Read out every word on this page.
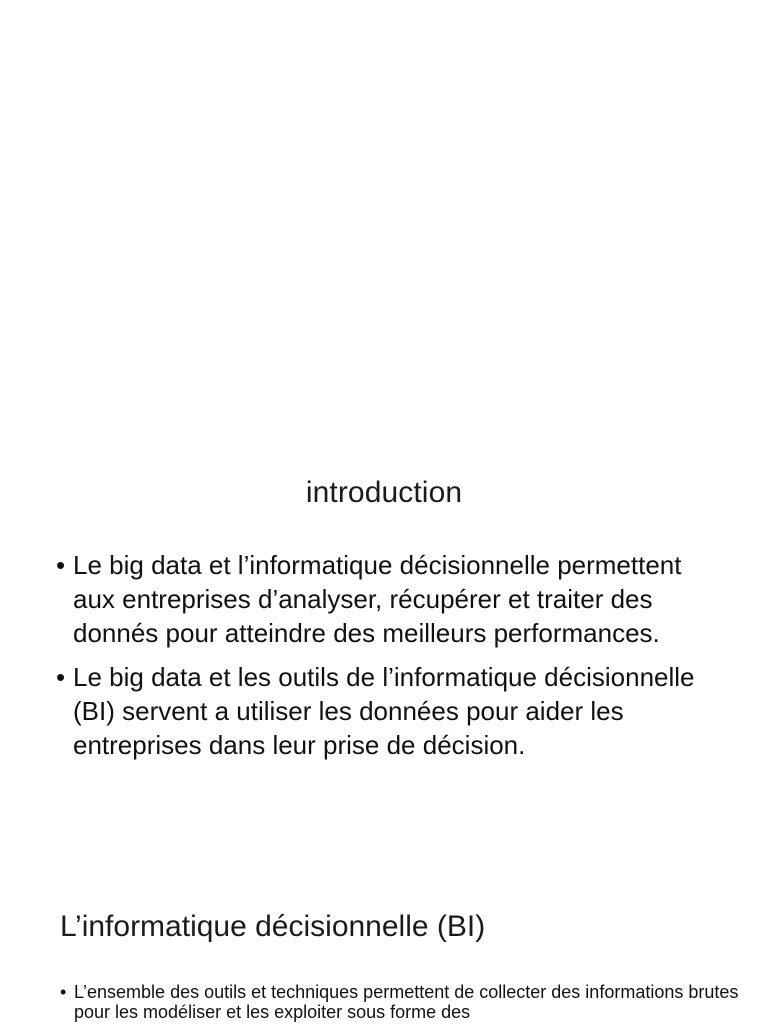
introduction
• Le big data et l’informatique décisionnelle permettent aux entreprises d’analyser, récupérer et traiter des donnés pour atteindre des meilleurs performances.
• Le big data et les outils de l’informatique décisionnelle (BI) servent a utiliser les données pour aider les entreprises dans leur prise de décision.
L’informatique décisionnelle (BI)
• L’ensemble des outils et techniques permettent de collecter des informations brutes pour les modéliser et les exploiter sous forme des
